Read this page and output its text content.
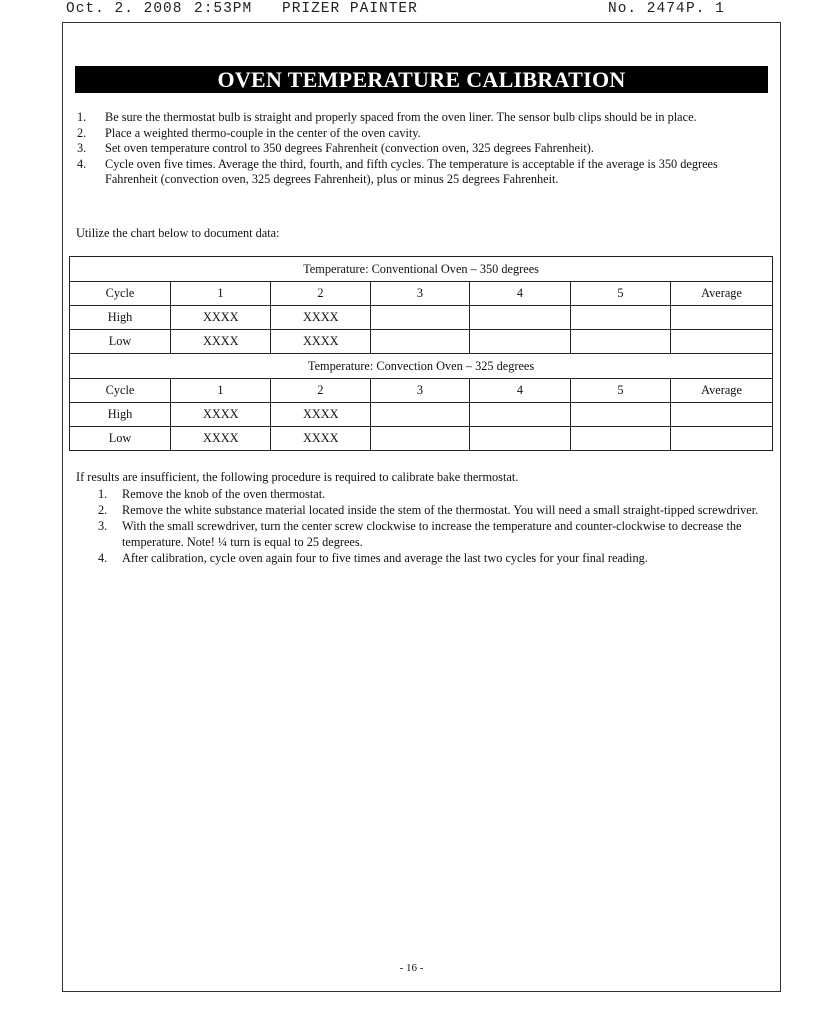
Oct. 2. 2008 2:53PM PRIZER PAINTER	No. 2474 P. 1
OVEN TEMPERATURE CALIBRATION
1. Be sure the thermostat bulb is straight and properly spaced from the oven liner. The sensor bulb clips should be in place.
2. Place a weighted thermo-couple in the center of the oven cavity.
3. Set oven temperature control to 350 degrees Fahrenheit (convection oven, 325 degrees Fahrenheit).
4. Cycle oven five times. Average the third, fourth, and fifth cycles. The temperature is acceptable if the average is 350 degrees Fahrenheit (convection oven, 325 degrees Fahrenheit), plus or minus 25 degrees Fahrenheit.
Utilize the chart below to document data:
Temperature: Conventional Oven – 350 degrees						
Cycle	1	2	3	4	5	Average
High	XXXX	XXXX				
Low	XXXX	XXXX				
Temperature: Convection Oven – 325 degrees						
Cycle	1	2	3	4	5	Average
High	XXXX	XXXX				
Low	XXXX	XXXX				
If results are insufficient, the following procedure is required to calibrate bake thermostat.
1. Remove the knob of the oven thermostat.
2. Remove the white substance material located inside the stem of the thermostat. You will need a small straight-tipped screwdriver.
3. With the small screwdriver, turn the center screw clockwise to increase the temperature and counter-clockwise to decrease the temperature. Note! ¼ turn is equal to 25 degrees.
4. After calibration, cycle oven again four to five times and average the last two cycles for your final reading.
- 16 -
